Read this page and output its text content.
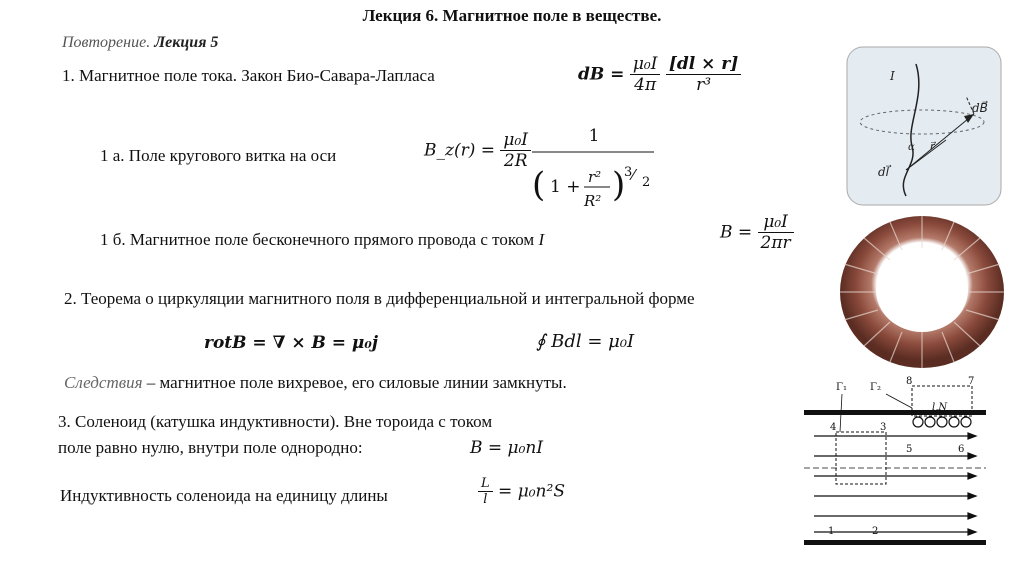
Лекция 6. Магнитное поле в веществе.
Повторение. Лекция 5
1. Магнитное поле тока. Закон Био-Савара-Лапласа	dB = $\frac{\text{μ₀I}}{4\pi}$
$\frac{[dl \times r]}{\text{r³}}$
1 а. Поле кругового витка на оси	B_z(r) = $\frac{\text{μ₀I}}{2R}$	1
( 1 + r²
R² )
3 ⁄ 2
1 б. Магнитное поле бесконечного прямого провода с током I	$B = \frac{\text{μ₀I}}{2\pi r}$
2. Теорема о циркуляции магнитного поля в дифференциальной и интегральной форме
rotB = ∇ × B = μ₀j	∮ Bdl = μ₀I
Следствия – магнитное поле вихревое, его силовые линии замкнуты.
3. Соленоид (катушка индуктивности). Вне тороида с током
поле равно нулю, внутри поле однородно:	B = μ₀nI
Индуктивность соленоида на единицу длины	$\frac{L}{l} = \mu_0n^2S$
I
dB⃗
dl⃗
r⃗
α
Γ₁ Γ₂
l,N
1	2
3
4
5	6
7
8
